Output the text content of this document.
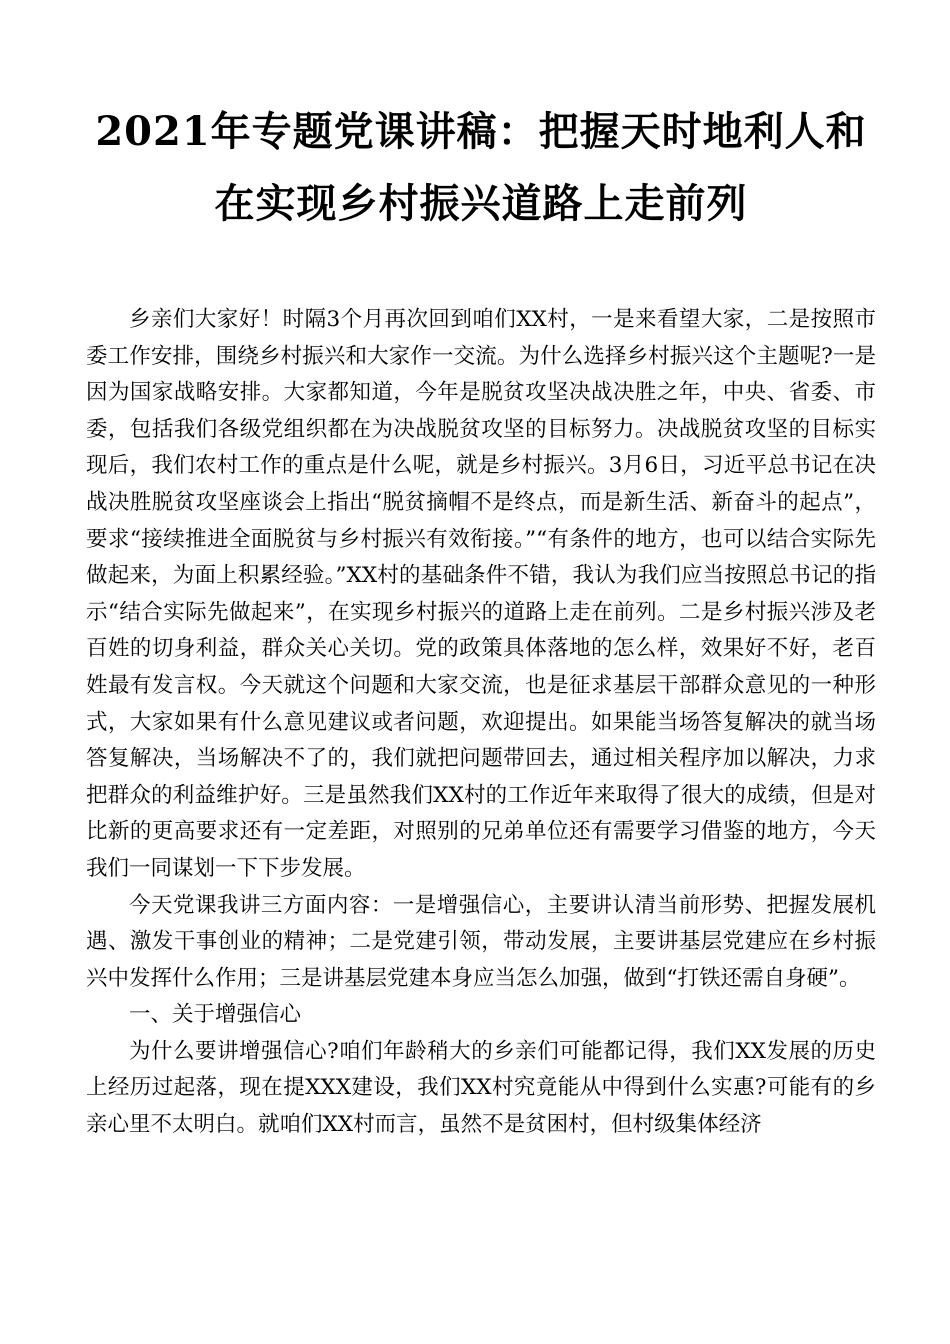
2021年专题党课讲稿：把握天时地利人和
在实现乡村振兴道路上走前列

乡亲们大家好！时隔3个月再次回到咱们XX村，一是来看望大家，二是按照市委工作安排，围绕乡村振兴和大家作一交流。为什么选择乡村振兴这个主题呢?一是因为国家战略安排。大家都知道，今年是脱贫攻坚决战决胜之年，中央、省委、市委，包括我们各级党组织都在为决战脱贫攻坚的目标努力。决战脱贫攻坚的目标实现后，我们农村工作的重点是什么呢，就是乡村振兴。3月6日，习近平总书记在决战决胜脱贫攻坚座谈会上指出“脱贫摘帽不是终点，而是新生活、新奋斗的起点”，要求“接续推进全面脱贫与乡村振兴有效衔接。”“有条件的地方，也可以结合实际先做起来，为面上积累经验。”XX村的基础条件不错，我认为我们应当按照总书记的指示“结合实际先做起来”，在实现乡村振兴的道路上走在前列。二是乡村振兴涉及老百姓的切身利益，群众关心关切。党的政策具体落地的怎么样，效果好不好，老百姓最有发言权。今天就这个问题和大家交流，也是征求基层干部群众意见的一种形式，大家如果有什么意见建议或者问题，欢迎提出。如果能当场答复解决的就当场答复解决，当场解决不了的，我们就把问题带回去，通过相关程序加以解决，力求把群众的利益维护好。三是虽然我们XX村的工作近年来取得了很大的成绩，但是对比新的更高要求还有一定差距，对照别的兄弟单位还有需要学习借鉴的地方，今天我们一同谋划一下下步发展。

今天党课我讲三方面内容：一是增强信心，主要讲认清当前形势、把握发展机遇、激发干事创业的精神；二是党建引领，带动发展，主要讲基层党建应在乡村振兴中发挥什么作用；三是讲基层党建本身应当怎么加强，做到“打铁还需自身硬”。

一、关于增强信心

为什么要讲增强信心?咱们年龄稍大的乡亲们可能都记得，我们XX发展的历史上经历过起落，现在提XXX建设，我们XX村究竟能从中得到什么实惠?可能有的乡亲心里不太明白。就咱们XX村而言，虽然不是贫困村，但村级集体经济
